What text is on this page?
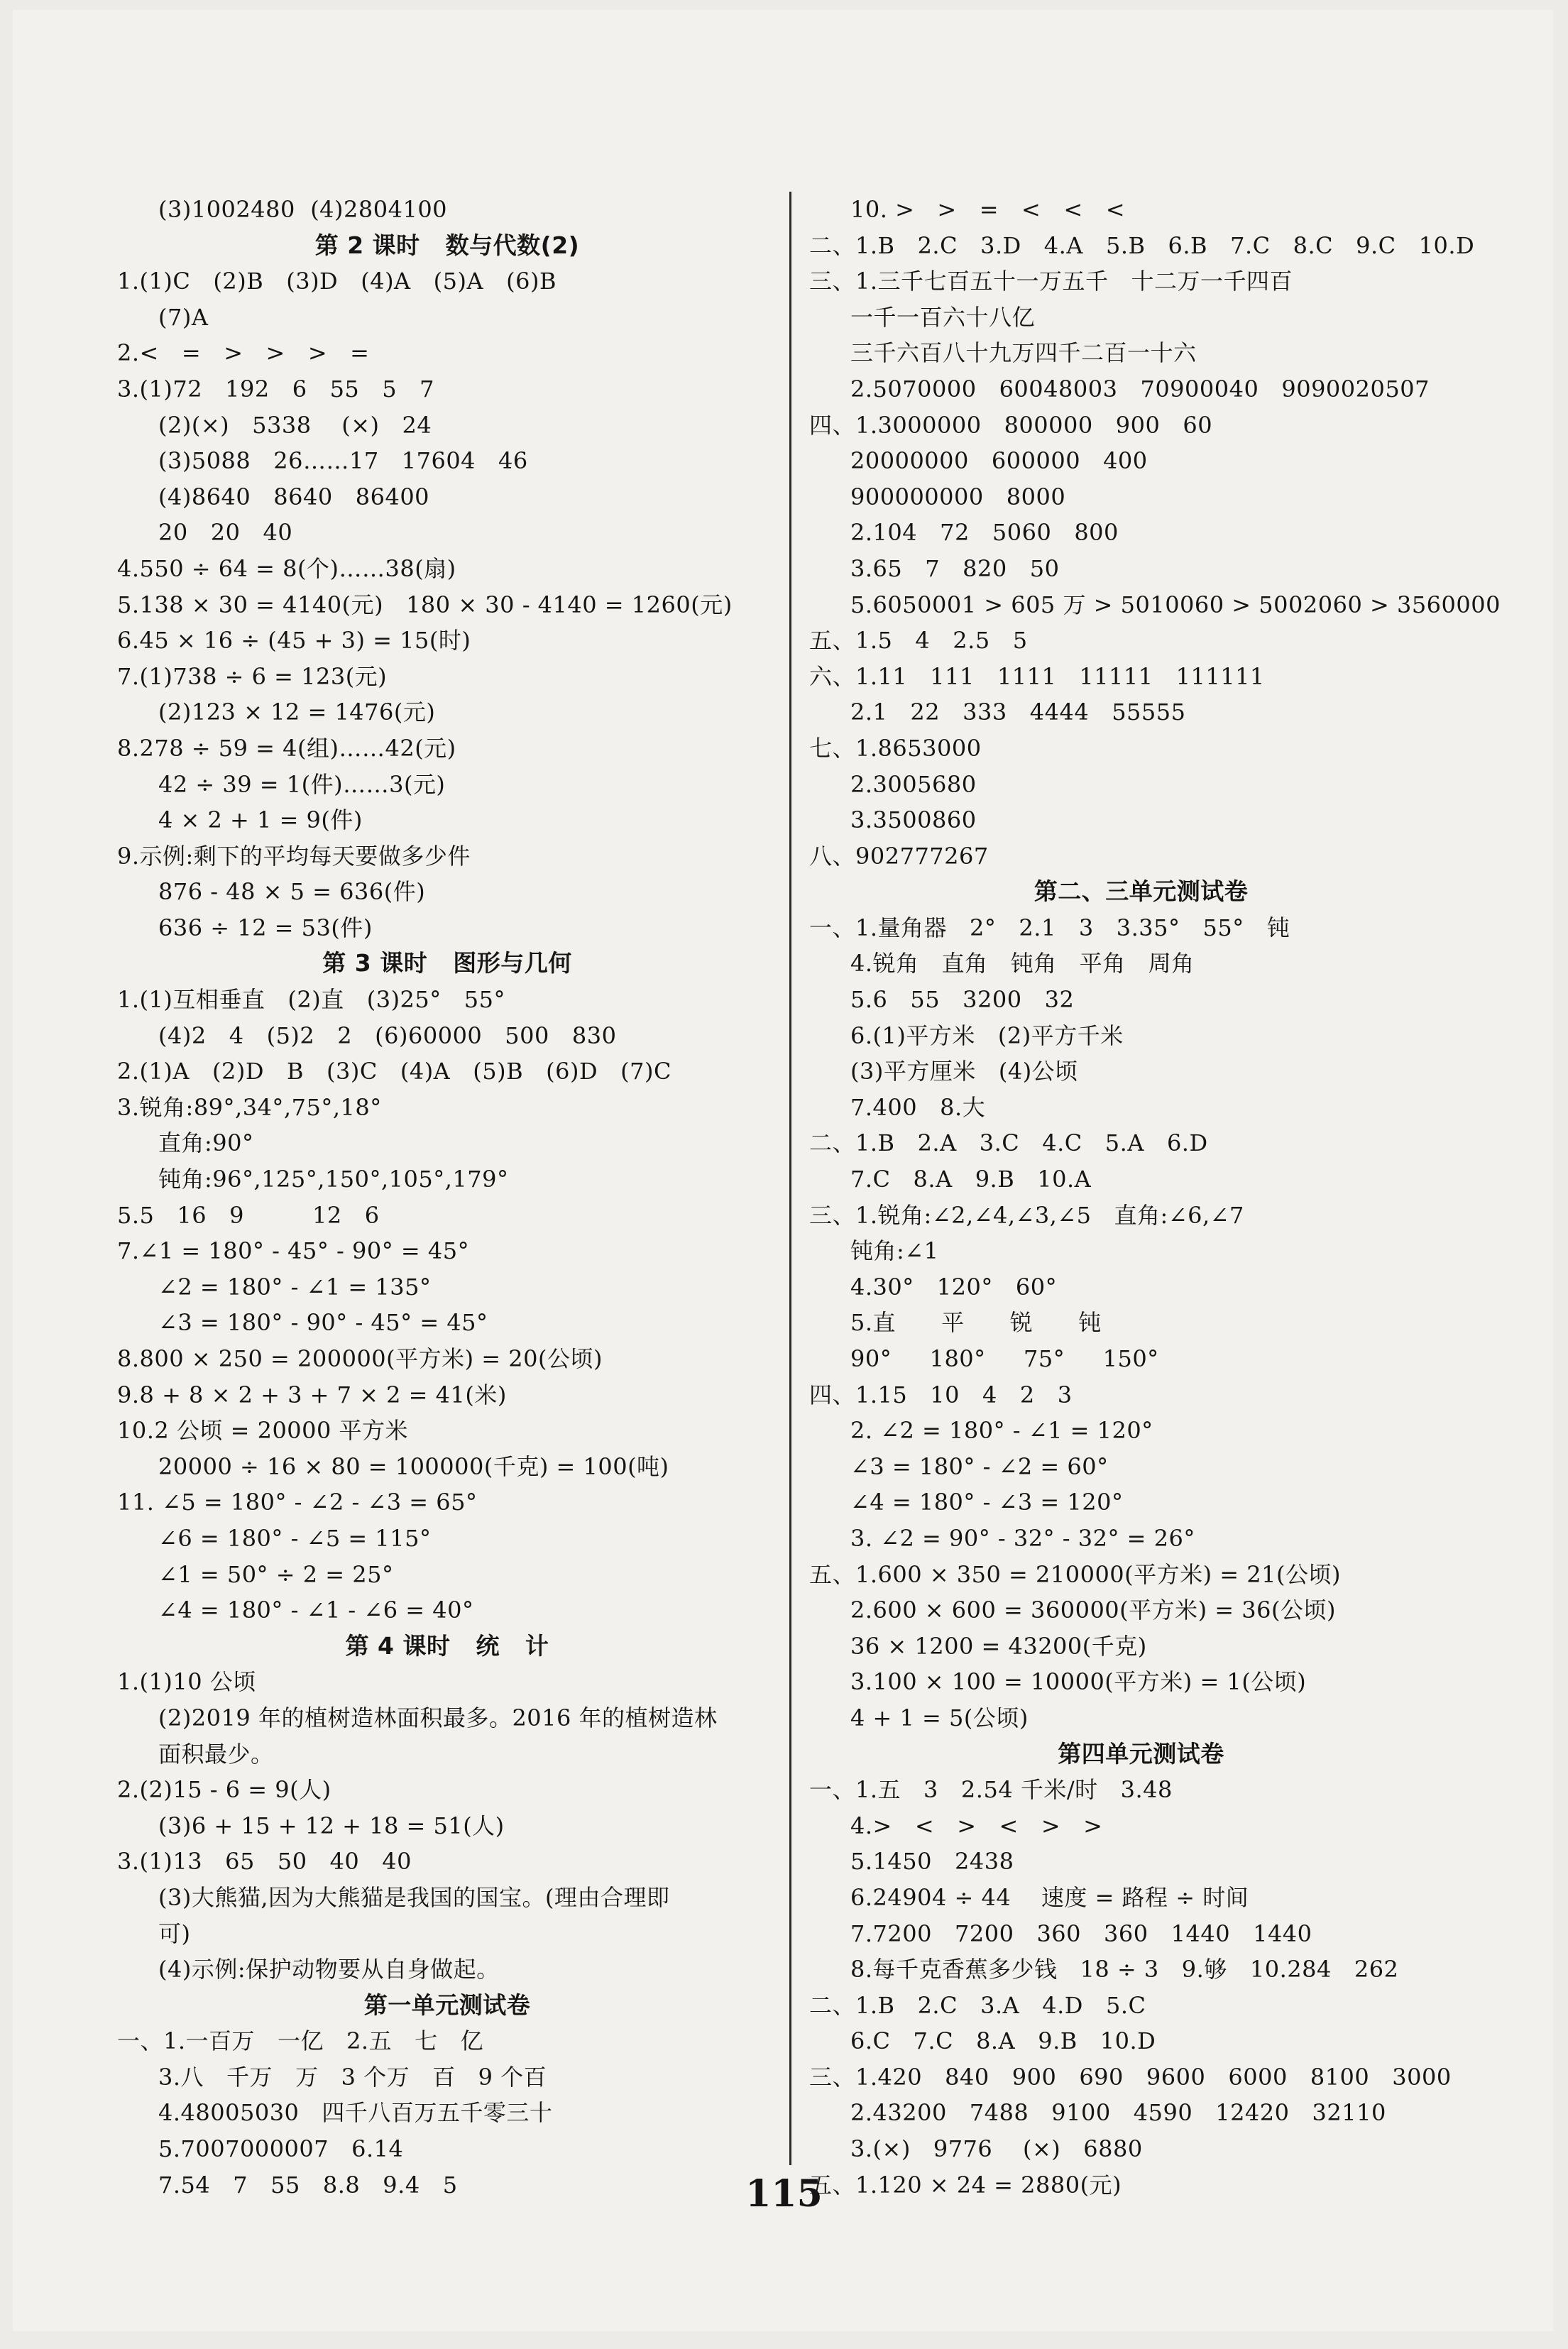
(3)1002480  (4)2804100
第 2 课时   数与代数(2)
1.(1)C   (2)B   (3)D   (4)A   (5)A   (6)B
(7)A
2.<   =   >   >   >   =
3.(1)72   192   6   55   5   7
(2)(×)   5338    (×)   24
(3)5088   26……17   17604   46
(4)8640   8640   86400
20   20   40
4.550 ÷ 64 = 8(个)……38(扇)
5.138 × 30 = 4140(元)   180 × 30 - 4140 = 1260(元)
6.45 × 16 ÷ (45 + 3) = 15(时)
7.(1)738 ÷ 6 = 123(元)
(2)123 × 12 = 1476(元)
8.278 ÷ 59 = 4(组)……42(元)
42 ÷ 39 = 1(件)……3(元)
4 × 2 + 1 = 9(件)
9.示例:剩下的平均每天要做多少件
876 - 48 × 5 = 636(件)
636 ÷ 12 = 53(件)
第 3 课时   图形与几何
1.(1)互相垂直   (2)直   (3)25°   55°
(4)2   4   (5)2   2   (6)60000   500   830
2.(1)A   (2)D   B   (3)C   (4)A   (5)B   (6)D   (7)C
3.锐角:89°,34°,75°,18°
直角:90°
钝角:96°,125°,150°,105°,179°
5.5   16   9         12   6
7.∠1 = 180° - 45° - 90° = 45°
∠2 = 180° - ∠1 = 135°
∠3 = 180° - 90° - 45° = 45°
8.800 × 250 = 200000(平方米) = 20(公顷)
9.8 + 8 × 2 + 3 + 7 × 2 = 41(米)
10.2 公顷 = 20000 平方米
20000 ÷ 16 × 80 = 100000(千克) = 100(吨)
11. ∠5 = 180° - ∠2 - ∠3 = 65°
∠6 = 180° - ∠5 = 115°
∠1 = 50° ÷ 2 = 25°
∠4 = 180° - ∠1 - ∠6 = 40°
第 4 课时   统   计
1.(1)10 公顷
(2)2019 年的植树造林面积最多。2016 年的植树造林
面积最少。
2.(2)15 - 6 = 9(人)
(3)6 + 15 + 12 + 18 = 51(人)
3.(1)13   65   50   40   40
(3)大熊猫,因为大熊猫是我国的国宝。(理由合理即
可)
(4)示例:保护动物要从自身做起。
第一单元测试卷
一、1.一百万   一亿   2.五   七   亿
3.八   千万   万   3 个万   百   9 个百
4.48005030   四千八百万五千零三十
5.7007000007   6.14
7.54   7   55   8.8   9.4   5
10. >   >   =   <   <   <
二、1.B   2.C   3.D   4.A   5.B   6.B   7.C   8.C   9.C   10.D
三、1.三千七百五十一万五千   十二万一千四百
一千一百六十八亿
三千六百八十九万四千二百一十六
2.5070000   60048003   70900040   9090020507
四、1.3000000   800000   900   60
20000000   600000   400
900000000   8000
2.104   72   5060   800
3.65   7   820   50
5.6050001 > 605 万 > 5010060 > 5002060 > 3560000
五、1.5   4   2.5   5
六、1.11   111   1111   11111   111111
2.1   22   333   4444   55555
七、1.8653000
2.3005680
3.3500860
八、902777267
第二、三单元测试卷
一、1.量角器   2°   2.1   3   3.35°   55°   钝
4.锐角   直角   钝角   平角   周角
5.6   55   3200   32
6.(1)平方米   (2)平方千米
(3)平方厘米   (4)公顷
7.400   8.大
二、1.B   2.A   3.C   4.C   5.A   6.D
7.C   8.A   9.B   10.A
三、1.锐角:∠2,∠4,∠3,∠5   直角:∠6,∠7
钝角:∠1
4.30°   120°   60°
5.直      平      锐      钝
90°     180°     75°     150°
四、1.15   10   4   2   3
2. ∠2 = 180° - ∠1 = 120°
∠3 = 180° - ∠2 = 60°
∠4 = 180° - ∠3 = 120°
3. ∠2 = 90° - 32° - 32° = 26°
五、1.600 × 350 = 210000(平方米) = 21(公顷)
2.600 × 600 = 360000(平方米) = 36(公顷)
36 × 1200 = 43200(千克)
3.100 × 100 = 10000(平方米) = 1(公顷)
4 + 1 = 5(公顷)
第四单元测试卷
一、1.五   3   2.54 千米/时   3.48
4.>   <   >   <   >   >
5.1450   2438
6.24904 ÷ 44    速度 = 路程 ÷ 时间
7.7200   7200   360   360   1440   1440
8.每千克香蕉多少钱   18 ÷ 3   9.够   10.284   262
二、1.B   2.C   3.A   4.D   5.C
6.C   7.C   8.A   9.B   10.D
三、1.420   840   900   690   9600   6000   8100   3000
2.43200   7488   9100   4590   12420   32110
3.(×)   9776    (×)   6880
五、1.120 × 24 = 2880(元)
115
